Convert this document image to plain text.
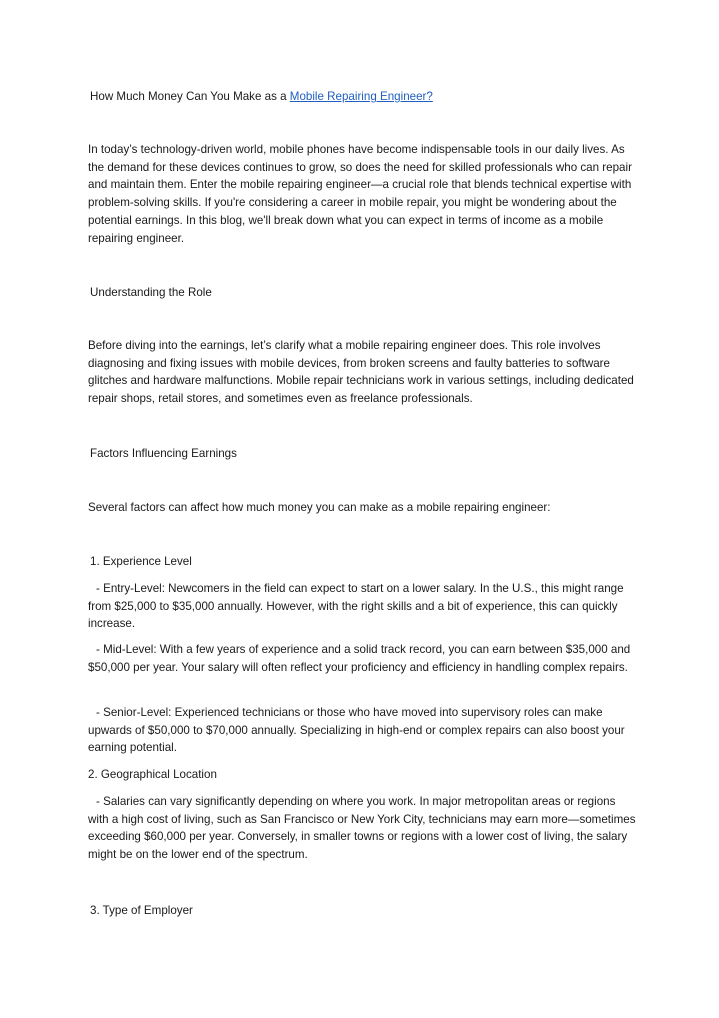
How Much Money Can You Make as a Mobile Repairing Engineer?

In today’s technology-driven world, mobile phones have become indispensable tools in our daily lives. As the demand for these devices continues to grow, so does the need for skilled professionals who can repair and maintain them. Enter the mobile repairing engineer—a crucial role that blends technical expertise with problem-solving skills. If you're considering a career in mobile repair, you might be wondering about the potential earnings. In this blog, we'll break down what you can expect in terms of income as a mobile repairing engineer.

Understanding the Role

Before diving into the earnings, let’s clarify what a mobile repairing engineer does. This role involves diagnosing and fixing issues with mobile devices, from broken screens and faulty batteries to software glitches and hardware malfunctions. Mobile repair technicians work in various settings, including dedicated repair shops, retail stores, and sometimes even as freelance professionals.

Factors Influencing Earnings

Several factors can affect how much money you can make as a mobile repairing engineer:

1. Experience Level

- Entry-Level: Newcomers in the field can expect to start on a lower salary. In the U.S., this might range from $25,000 to $35,000 annually. However, with the right skills and a bit of experience, this can quickly increase.

- Mid-Level: With a few years of experience and a solid track record, you can earn between $35,000 and $50,000 per year. Your salary will often reflect your proficiency and efficiency in handling complex repairs.

- Senior-Level: Experienced technicians or those who have moved into supervisory roles can make upwards of $50,000 to $70,000 annually. Specializing in high-end or complex repairs can also boost your earning potential.

2. Geographical Location

- Salaries can vary significantly depending on where you work. In major metropolitan areas or regions with a high cost of living, such as San Francisco or New York City, technicians may earn more—sometimes exceeding $60,000 per year. Conversely, in smaller towns or regions with a lower cost of living, the salary might be on the lower end of the spectrum.

3. Type of Employer
